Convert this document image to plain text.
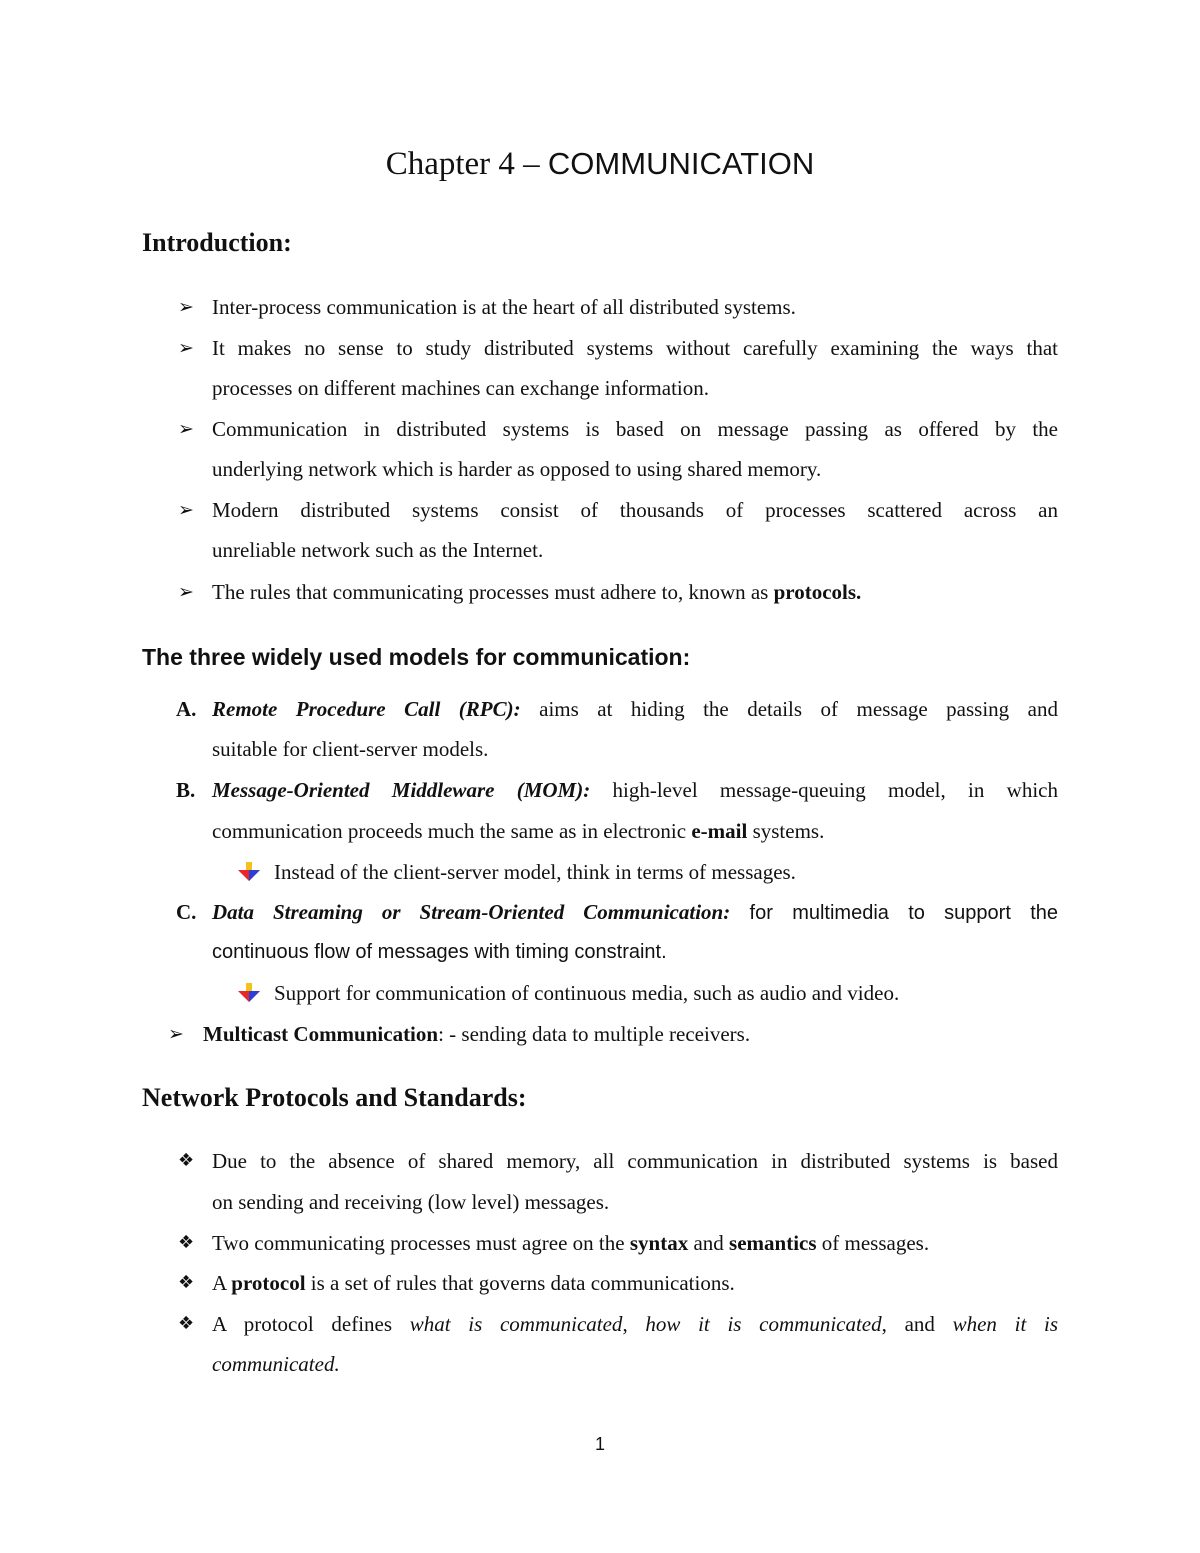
Chapter 4 – COMMUNICATION
Introduction:
➢ Inter-process communication is at the heart of all distributed systems.
➢ It makes no sense to study distributed systems without carefully examining the ways that
processes on different machines can exchange information.
➢ Communication in distributed systems is based on message passing as offered by the
underlying network which is harder as opposed to using shared memory.
➢ Modern distributed systems consist of thousands of processes scattered across an
unreliable network such as the Internet.
➢ The rules that communicating processes must adhere to, known as protocols.
The three widely used models for communication:
A. Remote Procedure Call (RPC): aims at hiding the details of message passing and
suitable for client-server models.
B. Message-Oriented Middleware (MOM): high-level message-queuing model, in which
communication proceeds much the same as in electronic e-mail systems.
Instead of the client-server model, think in terms of messages.
C. Data Streaming or Stream-Oriented Communication: for multimedia to support the
continuous flow of messages with timing constraint.
Support for communication of continuous media, such as audio and video.
➢ Multicast Communication: - sending data to multiple receivers.
Network Protocols and Standards:
❖ Due to the absence of shared memory, all communication in distributed systems is based
on sending and receiving (low level) messages.
❖ Two communicating processes must agree on the syntax and semantics of messages.
❖ A protocol is a set of rules that governs data communications.
❖ A protocol defines what is communicated, how it is communicated, and when it is
communicated.
1
